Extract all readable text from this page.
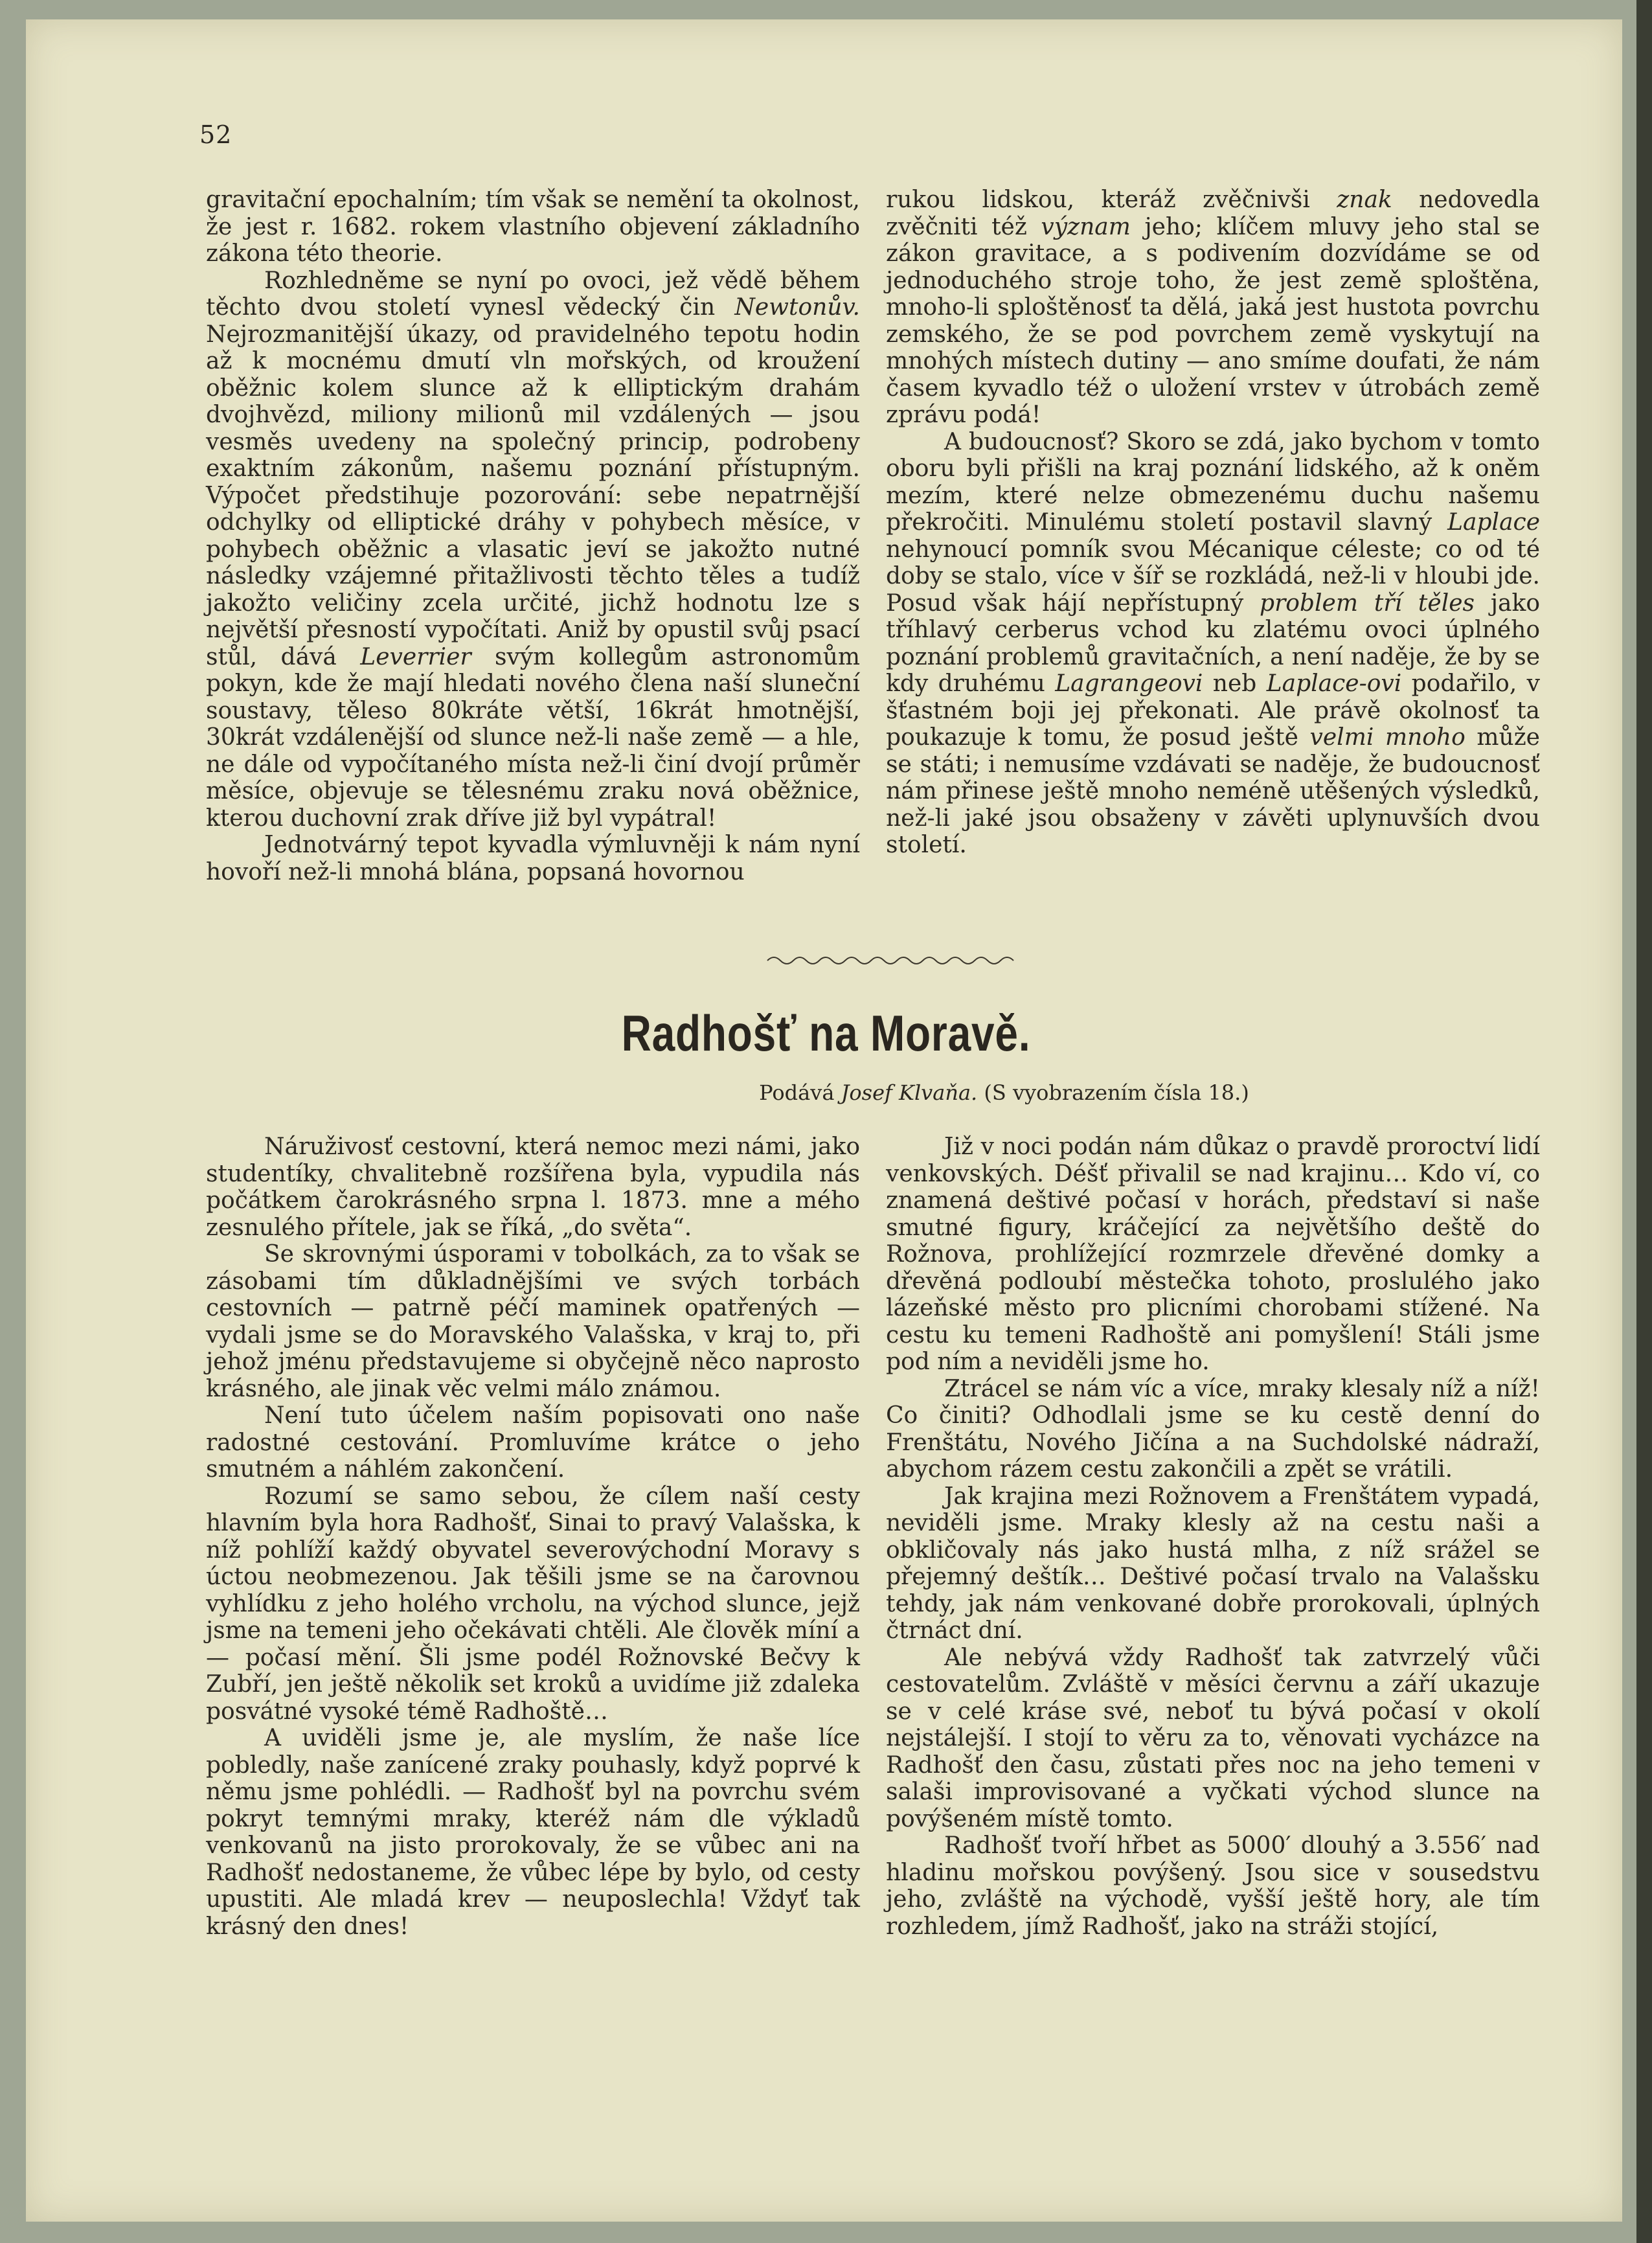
52

gravitační epochalním; tím však se nemění ta okolnost, že jest r. 1682. rokem vlastního objevení základního zákona této theorie.

Rozhledněme se nyní po ovoci, jež vědě během těchto dvou století vynesl vědecký čin Newtonův. Nejrozmanitější úkazy, od pravidelného tepotu hodin až k mocnému dmutí vln mořských, od kroužení oběžnic kolem slunce až k elliptickým drahám dvojhvězd, miliony milionů mil vzdálených — jsou vesměs uvedeny na společný princip, podrobeny exaktním zákonům, našemu poznání přístupným. Výpočet předstihuje pozorování: sebe nepatrnější odchylky od elliptické dráhy v pohybech měsíce, v pohybech oběžnic a vlasatic jeví se jakožto nutné následky vzájemné přitažlivosti těchto těles a tudíž jakožto veličiny zcela určité, jichž hodnotu lze s největší přesností vypočítati. Aniž by opustil svůj psací stůl, dává Leverrier svým kollegům astronomům pokyn, kde že mají hledati nového člena naší sluneční soustavy, těleso 80kráte větší, 16krát hmotnější, 30krát vzdálenější od slunce než-li naše země — a hle, ne dále od vypočítaného místa než-li činí dvojí průměr měsíce, objevuje se tělesnému zraku nová oběžnice, kterou duchovní zrak dříve již byl vypátral!

Jednotvárný tepot kyvadla výmluvněji k nám nyní hovoří než-li mnohá blána, popsaná hovornou

rukou lidskou, kteráž zvěčnivši znak nedovedla zvěčniti též význam jeho; klíčem mluvy jeho stal se zákon gravitace, a s podivením dozvídáme se od jednoduchého stroje toho, že jest země sploštěna, mnoho-li sploštěnosť ta dělá, jaká jest hustota povrchu zemského, že se pod povrchem země vyskytují na mnohých místech dutiny — ano smíme doufati, že nám časem kyvadlo též o uložení vrstev v útrobách země zprávu podá!

A budoucnosť? Skoro se zdá, jako bychom v tomto oboru byli přišli na kraj poznání lidského, až k oněm mezím, které nelze obmezenému duchu našemu překročiti. Minulému století postavil slavný Laplace nehynoucí pomník svou Mécanique céleste; co od té doby se stalo, více v šíř se rozkládá, než-li v hloubi jde. Posud však hájí nepřístupný problem tří těles jako tříhlavý cerberus vchod ku zlatému ovoci úplného poznání problemů gravitačních, a není naděje, že by se kdy druhému Lagrangeovi neb Laplace-ovi podařilo, v šťastném boji jej překonati. Ale právě okolnosť ta poukazuje k tomu, že posud ještě velmi mnoho může se státi; i nemusíme vzdávati se naděje, že budoucnosť nám přinese ještě mnoho neméně utěšených výsledků, než-li jaké jsou obsaženy v závěti uplynuvších dvou století.

Radhošť na Moravě.
Podává Josef Klvaňa. (S vyobrazením čísla 18.)

Náruživosť cestovní, která nemoc mezi námi, jako studentíky, chvalitebně rozšířena byla, vypudila nás počátkem čarokrásného srpna l. 1873. mne a mého zesnulého přítele, jak se říká, „do světa“.

Se skrovnými úsporami v tobolkách, za to však se zásobami tím důkladnějšími ve svých torbách cestovních — patrně péčí maminek opatřených — vydali jsme se do Moravského Valašska, v kraj to, při jehož jménu představujeme si obyčejně něco naprosto krásného, ale jinak věc velmi málo známou.

Není tuto účelem naším popisovati ono naše radostné cestování. Promluvíme krátce o jeho smutném a náhlém zakončení.

Rozumí se samo sebou, že cílem naší cesty hlavním byla hora Radhošť, Sinai to pravý Valašska, k níž pohlíží každý obyvatel severovýchodní Moravy s úctou neobmezenou. Jak těšili jsme se na čarovnou vyhlídku z jeho holého vrcholu, na východ slunce, jejž jsme na temeni jeho očekávati chtěli. Ale člověk míní a — počasí mění. Šli jsme podél Rožnovské Bečvy k Zubří, jen ještě několik set kroků a uvidíme již zdaleka posvátné vysoké témě Radhoště…

A uviděli jsme je, ale myslím, že naše líce pobledly, naše zanícené zraky pouhasly, když poprvé k němu jsme pohlédli. — Radhošť byl na povrchu svém pokryt temnými mraky, kteréž nám dle výkladů venkovanů na jisto prorokovaly, že se vůbec ani na Radhošť nedostaneme, že vůbec lépe by bylo, od cesty upustiti. Ale mladá krev — neuposlechla! Vždyť tak krásný den dnes!

Již v noci podán nám důkaz o pravdě proroctví lidí venkovských. Déšť přivalil se nad krajinu… Kdo ví, co znamená deštivé počasí v horách, představí si naše smutné figury, kráčející za největšího deště do Rožnova, prohlížející rozmrzele dřevěné domky a dřevěná podloubí městečka tohoto, proslulého jako lázeňské město pro plicními chorobami stížené. Na cestu ku temeni Radhoště ani pomyšlení! Stáli jsme pod ním a neviděli jsme ho.

Ztrácel se nám víc a více, mraky klesaly níž a níž! Co činiti? Odhodlali jsme se ku cestě denní do Frenštátu, Nového Jičína a na Suchdolské nádraží, abychom rázem cestu zakončili a zpět se vrátili.

Jak krajina mezi Rožnovem a Frenštátem vypadá, neviděli jsme. Mraky klesly až na cestu naši a obkličovaly nás jako hustá mlha, z níž srážel se přejemný deštík… Deštivé počasí trvalo na Valašsku tehdy, jak nám venkované dobře prorokovali, úplných čtrnáct dní.

Ale nebývá vždy Radhošť tak zatvrzelý vůči cestovatelům. Zvláště v měsíci červnu a září ukazuje se v celé kráse své, neboť tu bývá počasí v okolí nejstálejší. I stojí to věru za to, věnovati vycházce na Radhošť den času, zůstati přes noc na jeho temeni v salaši improvisované a vyčkati východ slunce na povýšeném místě tomto.

Radhošť tvoří hřbet as 5000′ dlouhý a 3.556′ nad hladinu mořskou povýšený. Jsou sice v sousedstvu jeho, zvláště na východě, vyšší ještě hory, ale tím rozhledem, jímž Radhošť, jako na stráži stojící,
